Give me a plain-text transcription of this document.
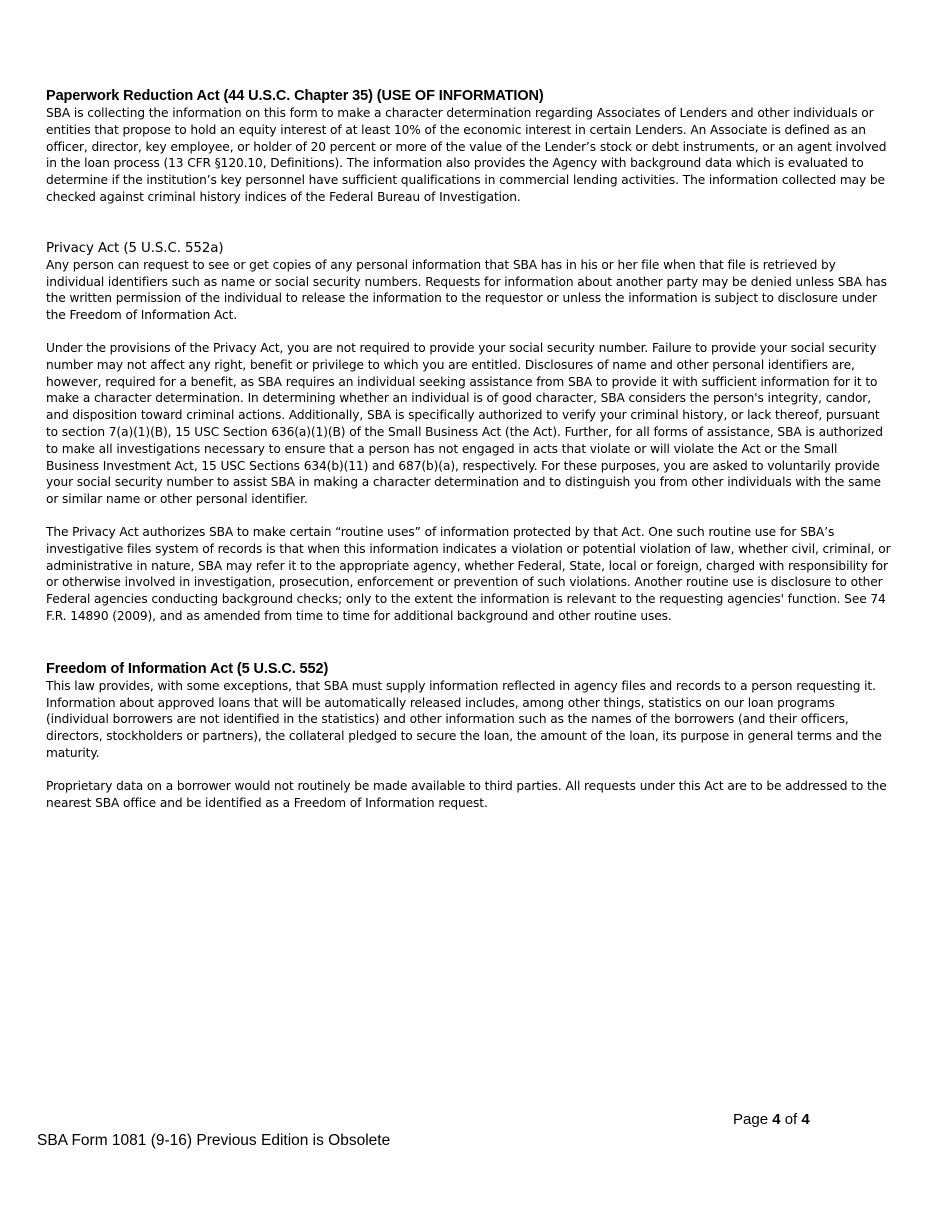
Paperwork Reduction Act (44 U.S.C. Chapter 35) (USE OF INFORMATION)

SBA is collecting the information on this form to make a character determination regarding Associates of Lenders and other individuals or entities that propose to hold an equity interest of at least 10% of the economic interest in certain Lenders. An Associate is defined as an officer, director, key employee, or holder of 20 percent or more of the value of the Lender’s stock or debt instruments, or an agent involved in the loan process (13 CFR §120.10, Definitions). The information also provides the Agency with background data which is evaluated to determine if the institution’s key personnel have sufficient qualifications in commercial lending activities. The information collected may be checked against criminal history indices of the Federal Bureau of Investigation.

Privacy Act (5 U.S.C. 552a)

Any person can request to see or get copies of any personal information that SBA has in his or her file when that file is retrieved by individual identifiers such as name or social security numbers. Requests for information about another party may be denied unless SBA has the written permission of the individual to release the information to the requestor or unless the information is subject to disclosure under the Freedom of Information Act.

Under the provisions of the Privacy Act, you are not required to provide your social security number. Failure to provide your social security number may not affect any right, benefit or privilege to which you are entitled. Disclosures of name and other personal identifiers are, however, required for a benefit, as SBA requires an individual seeking assistance from SBA to provide it with sufficient information for it to make a character determination. In determining whether an individual is of good character, SBA considers the person's integrity, candor, and disposition toward criminal actions. Additionally, SBA is specifically authorized to verify your criminal history, or lack thereof, pursuant to section 7(a)(1)(B), 15 USC Section 636(a)(1)(B) of the Small Business Act (the Act). Further, for all forms of assistance, SBA is authorized to make all investigations necessary to ensure that a person has not engaged in acts that violate or will violate the Act or the Small Business Investment Act, 15 USC Sections 634(b)(11) and 687(b)(a), respectively. For these purposes, you are asked to voluntarily provide your social security number to assist SBA in making a character determination and to distinguish you from other individuals with the same or similar name or other personal identifier.

The Privacy Act authorizes SBA to make certain “routine uses” of information protected by that Act. One such routine use for SBA’s investigative files system of records is that when this information indicates a violation or potential violation of law, whether civil, criminal, or administrative in nature, SBA may refer it to the appropriate agency, whether Federal, State, local or foreign, charged with responsibility for or otherwise involved in investigation, prosecution, enforcement or prevention of such violations. Another routine use is disclosure to other Federal agencies conducting background checks; only to the extent the information is relevant to the requesting agencies' function. See 74 F.R. 14890 (2009), and as amended from time to time for additional background and other routine uses.

Freedom of Information Act (5 U.S.C. 552)

This law provides, with some exceptions, that SBA must supply information reflected in agency files and records to a person requesting it. Information about approved loans that will be automatically released includes, among other things, statistics on our loan programs (individual borrowers are not identified in the statistics) and other information such as the names of the borrowers (and their officers, directors, stockholders or partners), the collateral pledged to secure the loan, the amount of the loan, its purpose in general terms and the maturity.

Proprietary data on a borrower would not routinely be made available to third parties. All requests under this Act are to be addressed to the nearest SBA office and be identified as a Freedom of Information request.

Page 4 of 4
SBA Form 1081 (9-16) Previous Edition is Obsolete
